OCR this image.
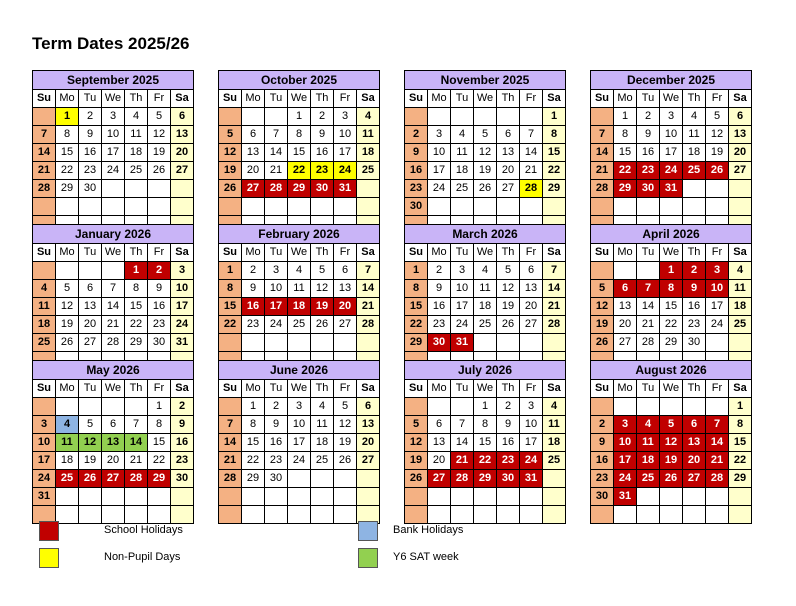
Term Dates 2025/26
September 2025						
Su	Mo	Tu	We	Th	Fr	Sa
	1	2	3	4	5	6
7	8	9	10	11	12	13
14	15	16	17	18	19	20
21	22	23	24	25	26	27
28	29	30				

October 2025						
Su	Mo	Tu	We	Th	Fr	Sa
			1	2	3	4
5	6	7	8	9	10	11
12	13	14	15	16	17	18
19	20	21	22	23	24	25
26	27	28	29	30	31	

November 2025						
Su	Mo	Tu	We	Th	Fr	Sa
						1
2	3	4	5	6	7	8
9	10	11	12	13	14	15
16	17	18	19	20	21	22
23	24	25	26	27	28	29
30						

December 2025						
Su	Mo	Tu	We	Th	Fr	Sa
	1	2	3	4	5	6
7	8	9	10	11	12	13
14	15	16	17	18	19	20
21	22	23	24	25	26	27
28	29	30	31			

January 2026						
Su	Mo	Tu	We	Th	Fr	Sa
				1	2	3
4	5	6	7	8	9	10
11	12	13	14	15	16	17
18	19	20	21	22	23	24
25	26	27	28	29	30	31

February 2026						
Su	Mo	Tu	We	Th	Fr	Sa
1	2	3	4	5	6	7
8	9	10	11	12	13	14
15	16	17	18	19	20	21
22	23	24	25	26	27	28

March 2026						
Su	Mo	Tu	We	Th	Fr	Sa
1	2	3	4	5	6	7
8	9	10	11	12	13	14
15	16	17	18	19	20	21
22	23	24	25	26	27	28
29	30	31				

April 2026						
Su	Mo	Tu	We	Th	Fr	Sa
			1	2	3	4
5	6	7	8	9	10	11
12	13	14	15	16	17	18
19	20	21	22	23	24	25
26	27	28	29	30		

May 2026						
Su	Mo	Tu	We	Th	Fr	Sa
					1	2
3	4	5	6	7	8	9
10	11	12	13	14	15	16
17	18	19	20	21	22	23
24	25	26	27	28	29	30
31						

June 2026						
Su	Mo	Tu	We	Th	Fr	Sa
	1	2	3	4	5	6
7	8	9	10	11	12	13
14	15	16	17	18	19	20
21	22	23	24	25	26	27
28	29	30				

July 2026						
Su	Mo	Tu	We	Th	Fr	Sa
			1	2	3	4
5	6	7	8	9	10	11
12	13	14	15	16	17	18
19	20	21	22	23	24	25
26	27	28	29	30	31	

August 2026						
Su	Mo	Tu	We	Th	Fr	Sa
						1
2	3	4	5	6	7	8
9	10	11	12	13	14	15
16	17	18	19	20	21	22
23	24	25	26	27	28	29
30	31					

School Holidays
Non-Pupil Days
Bank Holidays
Y6 SAT week
